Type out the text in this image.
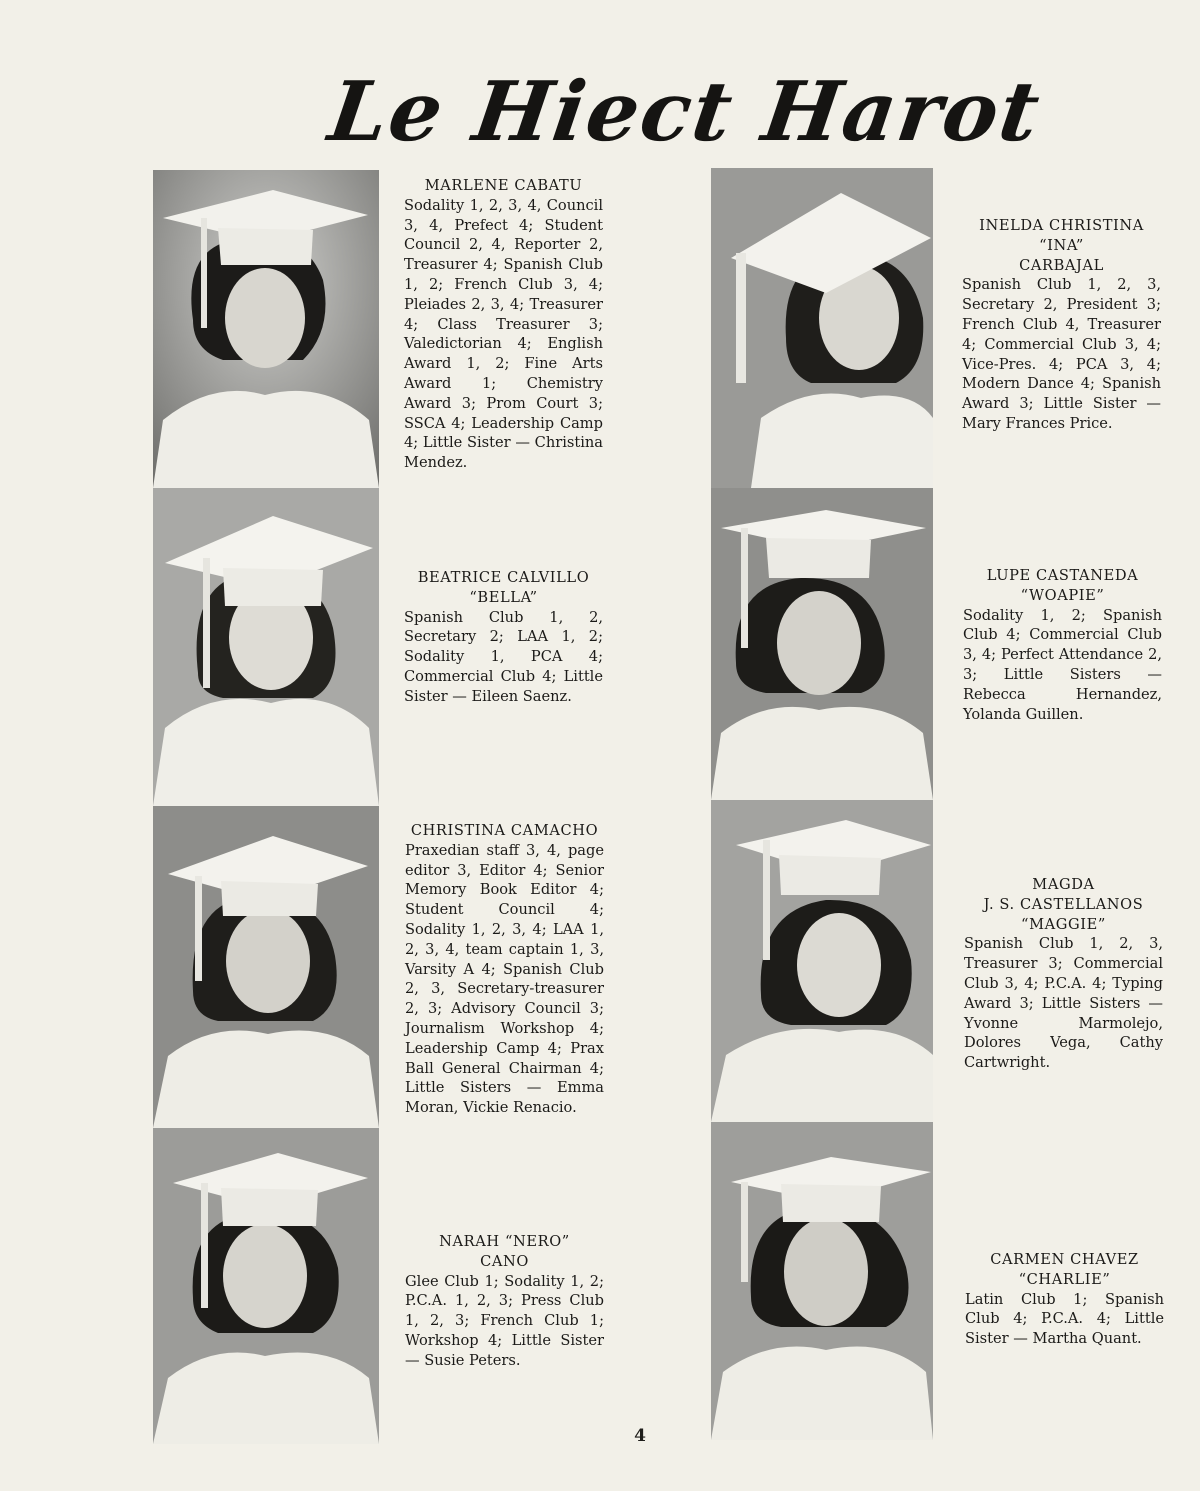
Le Hiect Harot
MARLENE CABATU
Sodality 1, 2, 3, 4, Council 3, 4, Prefect 4; Student Council 2, 4, Reporter 2, Treasurer 4; Spanish Club 1, 2; French Club 3, 4; Pleiades 2, 3, 4; Treasurer 4; Class Treasurer 3; Valedictorian 4; English Award 1, 2; Fine Arts Award 1; Chemistry Award 3; Prom Court 3; SSCA 4; Leadership Camp 4; Little Sister — Christina Mendez.
BEATRICE CALVILLO
“BELLA”
Spanish Club 1, 2, Secretary 2; LAA 1, 2; Sodality 1, PCA 4; Commercial Club 4; Little Sister — Eileen Saenz.
CHRISTINA CAMACHO
Praxedian staff 3, 4, page editor 3, Editor 4; Senior Memory Book Editor 4; Student Council 4; Sodality 1, 2, 3, 4; LAA 1, 2, 3, 4, team captain 1, 3, Varsity A 4; Spanish Club 2, 3, Secretary-treasurer 2, 3; Advisory Council 3; Journalism Workshop 4; Leadership Camp 4; Prax Ball General Chairman 4; Little Sisters — Emma Moran, Vickie Renacio.
NARAH “NERO”
CANO
Glee Club 1; Sodality 1, 2; P.C.A. 1, 2, 3; Press Club 1, 2, 3; French Club 1; Workshop 4; Little Sister — Susie Peters.
INELDA CHRISTINA
“INA”
CARBAJAL
Spanish Club 1, 2, 3, Secretary 2, President 3; French Club 4, Treasurer 4; Commercial Club 3, 4; Vice-Pres. 4; PCA 3, 4; Modern Dance 4; Spanish Award 3; Little Sister — Mary Frances Price.
LUPE CASTANEDA
“WOAPIE”
Sodality 1, 2; Spanish Club 4; Commercial Club 3, 4; Perfect Attendance 2, 3; Little Sisters — Rebecca Hernandez, Yolanda Guillen.
MAGDA
J. S. CASTELLANOS
“MAGGIE”
Spanish Club 1, 2, 3, Treasurer 3; Commercial Club 3, 4; P.C.A. 4; Typing Award 3; Little Sisters — Yvonne Marmolejo, Dolores Vega, Cathy Cartwright.
CARMEN CHAVEZ
“CHARLIE”
Latin Club 1; Spanish Club 4; P.C.A. 4; Little Sister — Martha Quant.
4
